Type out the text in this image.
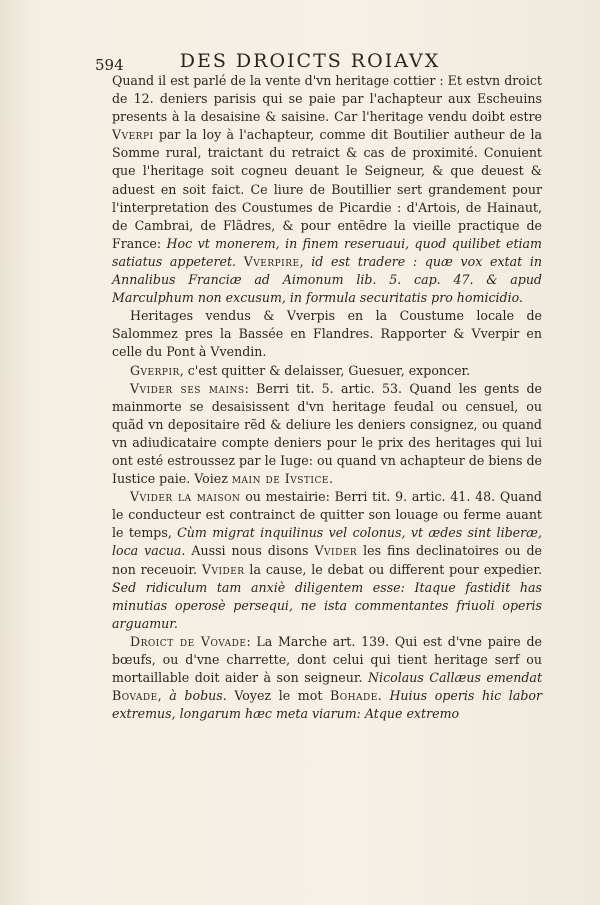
594	DES DROICTS ROIAVX

Quand il est parlé de la vente d'vn heritage cottier : Et estvn droict de 12. deniers parisis qui se paie par l'achapteur aux Escheuins presents à la desaisine & saisine. Car l'heritage vendu doibt estre Vverpi par la loy à l'achapteur, comme dit Boutilier autheur de la Somme rural, traictant du retraict & cas de proximité. Conuient que l'heritage soit cogneu deuant le Seigneur, & que deuest & aduest en soit faict. Ce liure de Boutillier sert grandement pour l'interpretation des Coustumes de Picardie : d'Artois, de Hainaut, de Cambrai, de Flãdres, & pour entẽdre la vieille practique de France: Hoc vt monerem, in finem reseruaui, quod quilibet etiam satiatus appeteret. Vverpire, id est tradere : quæ vox extat in Annalibus Franciæ ad Aimonum lib. 5. cap. 47. & apud Marculphum non excusum, in formula securitatis pro homicidio.

Heritages vendus & Vverpis en la Coustume locale de Salommez pres la Bassée en Flandres. Rapporter & Vverpir en celle du Pont à Vvendin.

Gverpir, c'est quitter & delaisser, Guesuer, exponcer.

Vvider ses mains: Berri tit. 5. artic. 53. Quand les gents de mainmorte se desaisissent d'vn heritage feudal ou censuel, ou quãd vn depositaire rẽd & deliure les deniers consignez, ou quand vn adiudicataire compte deniers pour le prix des heritages qui lui ont esté estroussez par le Iuge: ou quand vn achapteur de biens de Iustice paie. Voiez main de Ivstice.

Vvider la maison ou mestairie: Berri tit. 9. artic. 41. 48. Quand le conducteur est contrainct de quitter son louage ou ferme auant le temps, Cùm migrat inquilinus vel colonus, vt ædes sint liberæ, loca vacua. Aussi nous disons Vvider les fins declinatoires ou de non receuoir. Vvider la cause, le debat ou different pour expedier. Sed ridiculum tam anxiè diligentem esse: Itaque fastidit has minutias operosè persequi, ne ista commentantes friuoli operis arguamur.

Droict de Vovade: La Marche art. 139. Qui est d'vne paire de bœufs, ou d'vne charrette, dont celui qui tient heritage serf ou mortaillable doit aider à son seigneur. Nicolaus Callæus emendat Bovade, à bobus. Voyez le mot Bohade. Huius operis hic labor extremus, longarum hæc meta viarum: Atque extremo
